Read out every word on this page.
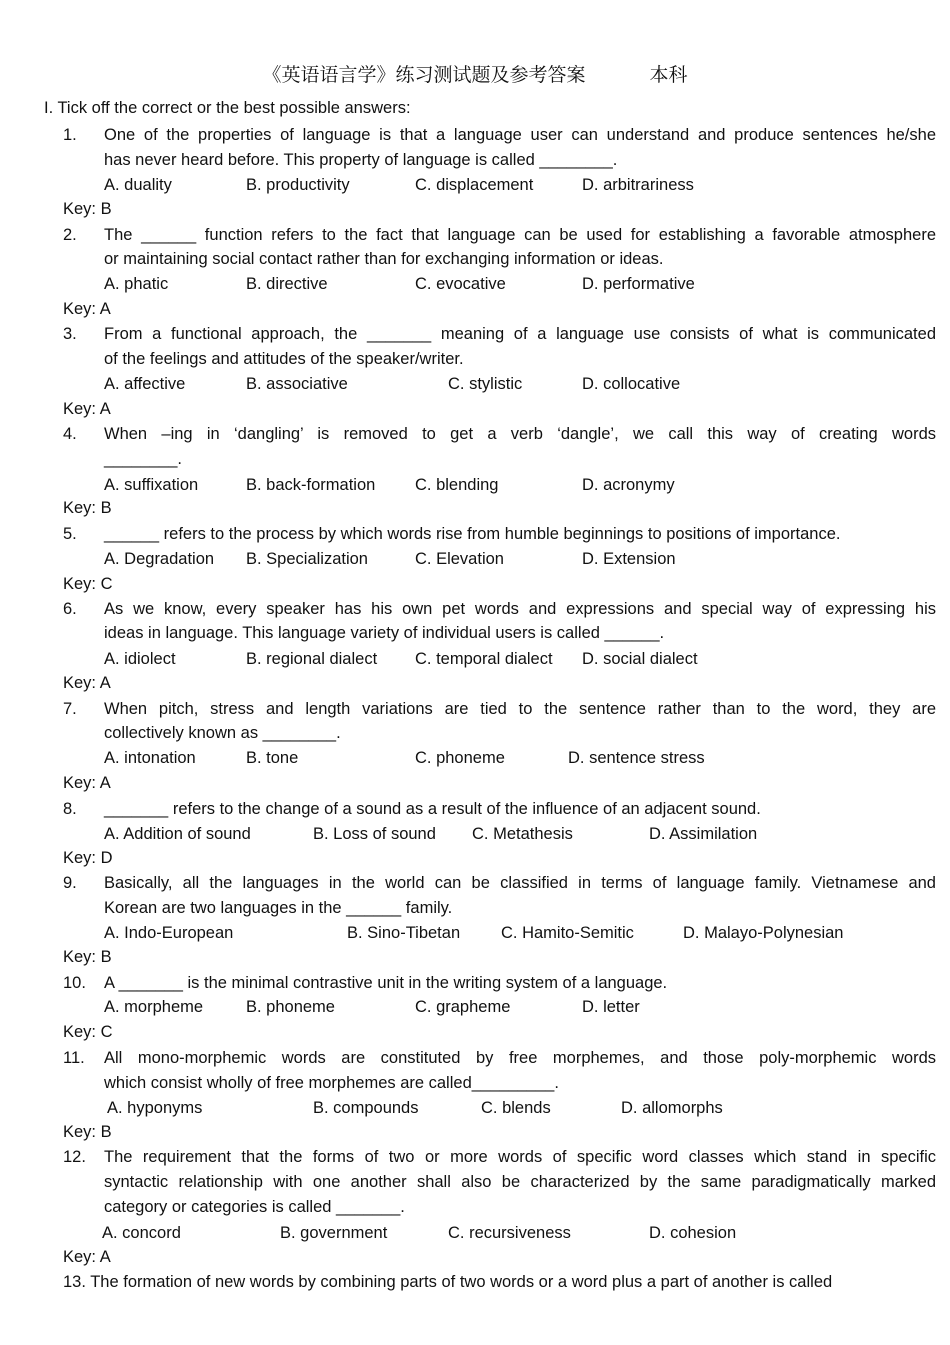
《英语语言学》练习测试题及参考答案	本科
I. Tick off the correct or the best possible answers:
1. One of the properties of language is that a language user can understand and produce sentences he/she
has never heard before. This property of language is called ________.
A. duality	B. productivity	C. displacement	D. arbitrariness
Key: B
2. The ______ function refers to the fact that language can be used for establishing a favorable atmosphere
or maintaining social contact rather than for exchanging information or ideas.
A. phatic	B. directive	C. evocative	D. performative
Key: A
3. From a functional approach, the _______ meaning of a language use consists of what is communicated
of the feelings and attitudes of the speaker/writer.
A. affective	B. associative	C. stylistic	D. collocative
Key: A
4. When –ing in ‘dangling’ is removed to get a verb ‘dangle’, we call this way of creating words
________.
A. suffixation	B. back-formation C. blending	D. acronymy
Key: B
5. ______ refers to the process by which words rise from humble beginnings to positions of importance.
A. Degradation B. Specialization	C. Elevation	D. Extension
Key: C
6. As we know, every speaker has his own pet words and expressions and special way of expressing his
ideas in language. This language variety of individual users is called ______.
A. idiolect	B. regional dialect C. temporal dialect D. social dialect
Key: A
7. When pitch, stress and length variations are tied to the sentence rather than to the word, they are
collectively known as ________.
A. intonation	B. tone	C. phoneme	D. sentence stress
Key: A
8. _______ refers to the change of a sound as a result of the influence of an adjacent sound.
A. Addition of sound	B. Loss of sound C. Metathesis	D. Assimilation
Key: D
9. Basically, all the languages in the world can be classified in terms of language family. Vietnamese and
Korean are two languages in the ______ family.
A. Indo-European	B. Sino-Tibetan C. Hamito-Semitic	D. Malayo-Polynesian
Key: B
10. A _______ is the minimal contrastive unit in the writing system of a language.
A. morpheme	B. phoneme	C. grapheme	D. letter
Key: C
11. All mono-morphemic words are constituted by free morphemes, and those poly-morphemic words
which consist wholly of free morphemes are called_________.
A. hyponyms	B. compounds	C. blends	D. allomorphs
Key: B
12. The requirement that the forms of two or more words of specific word classes which stand in specific
syntactic relationship with one another shall also be characterized by the same paradigmatically marked
category or categories is called _______.
A. concord	B. government	C. recursiveness	D. cohesion
Key: A
13. The formation of new words by combining parts of two words or a word plus a part of another is called
